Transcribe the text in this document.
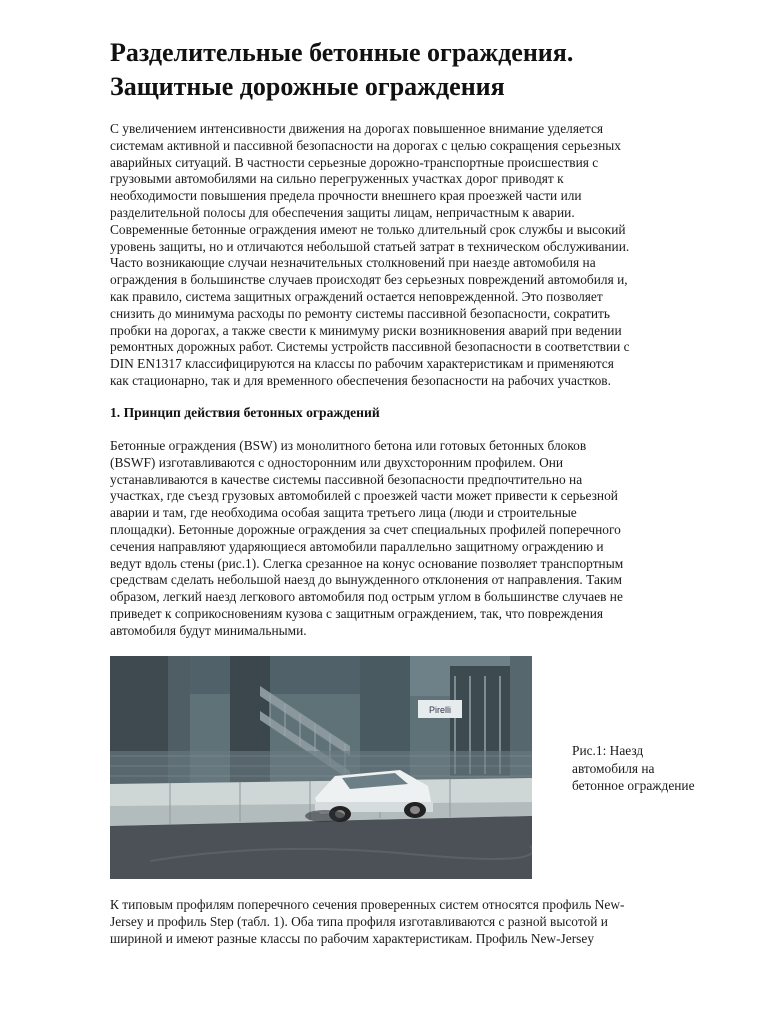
Разделительные бетонные ограждения.
Защитные дорожные ограждения
С увеличением интенсивности движения на дорогах повышенное внимание уделяется
системам активной и пассивной безопасности на дорогах с целью сокращения серьезных
аварийных ситуаций. В частности серьезные дорожно-транспортные происшествия с
грузовыми автомобилями на сильно перегруженных участках дорог приводят к
необходимости повышения предела прочности внешнего края проезжей части или
разделительной полосы для обеспечения защиты лицам, непричастным к аварии.
Современные бетонные ограждения имеют не только длительный срок службы и высокий
уровень защиты, но и отличаются небольшой статьей затрат в техническом обслуживании.
Часто возникающие случаи незначительных столкновений при наезде автомобиля на
ограждения в большинстве случаев происходят без серьезных повреждений автомобиля и,
как правило, система защитных ограждений остается неповрежденной. Это позволяет
снизить до минимума расходы по ремонту системы пассивной безопасности, сократить
пробки на дорогах, а также свести к минимуму риски возникновения аварий при ведении
ремонтных дорожных работ. Системы устройств пассивной безопасности в соответствии с
DIN EN1317 классифицируются на классы по рабочим характеристикам и применяются
как стационарно, так и для временного обеспечения безопасности на рабочих участков.
1. Принцип действия бетонных ограждений
Бетонные ограждения (BSW) из монолитного бетона или готовых бетонных блоков
(BSWF) изготавливаются с односторонним или двухсторонним профилем. Они
устанавливаются в качестве системы пассивной безопасности предпочтительно на
участках, где съезд грузовых автомобилей с проезжей части может привести к серьезной
аварии и там, где необходима особая защита третьего лица (люди и строительные
площадки). Бетонные дорожные ограждения за счет специальных профилей поперечного
сечения направляют ударяющиеся автомобили параллельно защитному ограждению и
ведут вдоль стены (рис.1). Слегка срезанное на конус основание позволяет транспортным
средствам сделать небольшой наезд до вынужденного отклонения от направления. Таким
образом, легкий наезд легкового автомобиля под острым углом в большинстве случаев не
приведет к соприкосновениям кузова с защитным ограждением, так, что повреждения
автомобиля будут минимальными.
Pirelli
Рис.1: Наезд
автомобиля на
бетонное ограждение
К типовым профилям поперечного сечения проверенных систем относятся профиль New-
Jersey и профиль Step (табл. 1). Оба типа профиля изготавливаются с разной высотой и
шириной и имеют разные классы по рабочим характеристикам. Профиль New-Jersey
